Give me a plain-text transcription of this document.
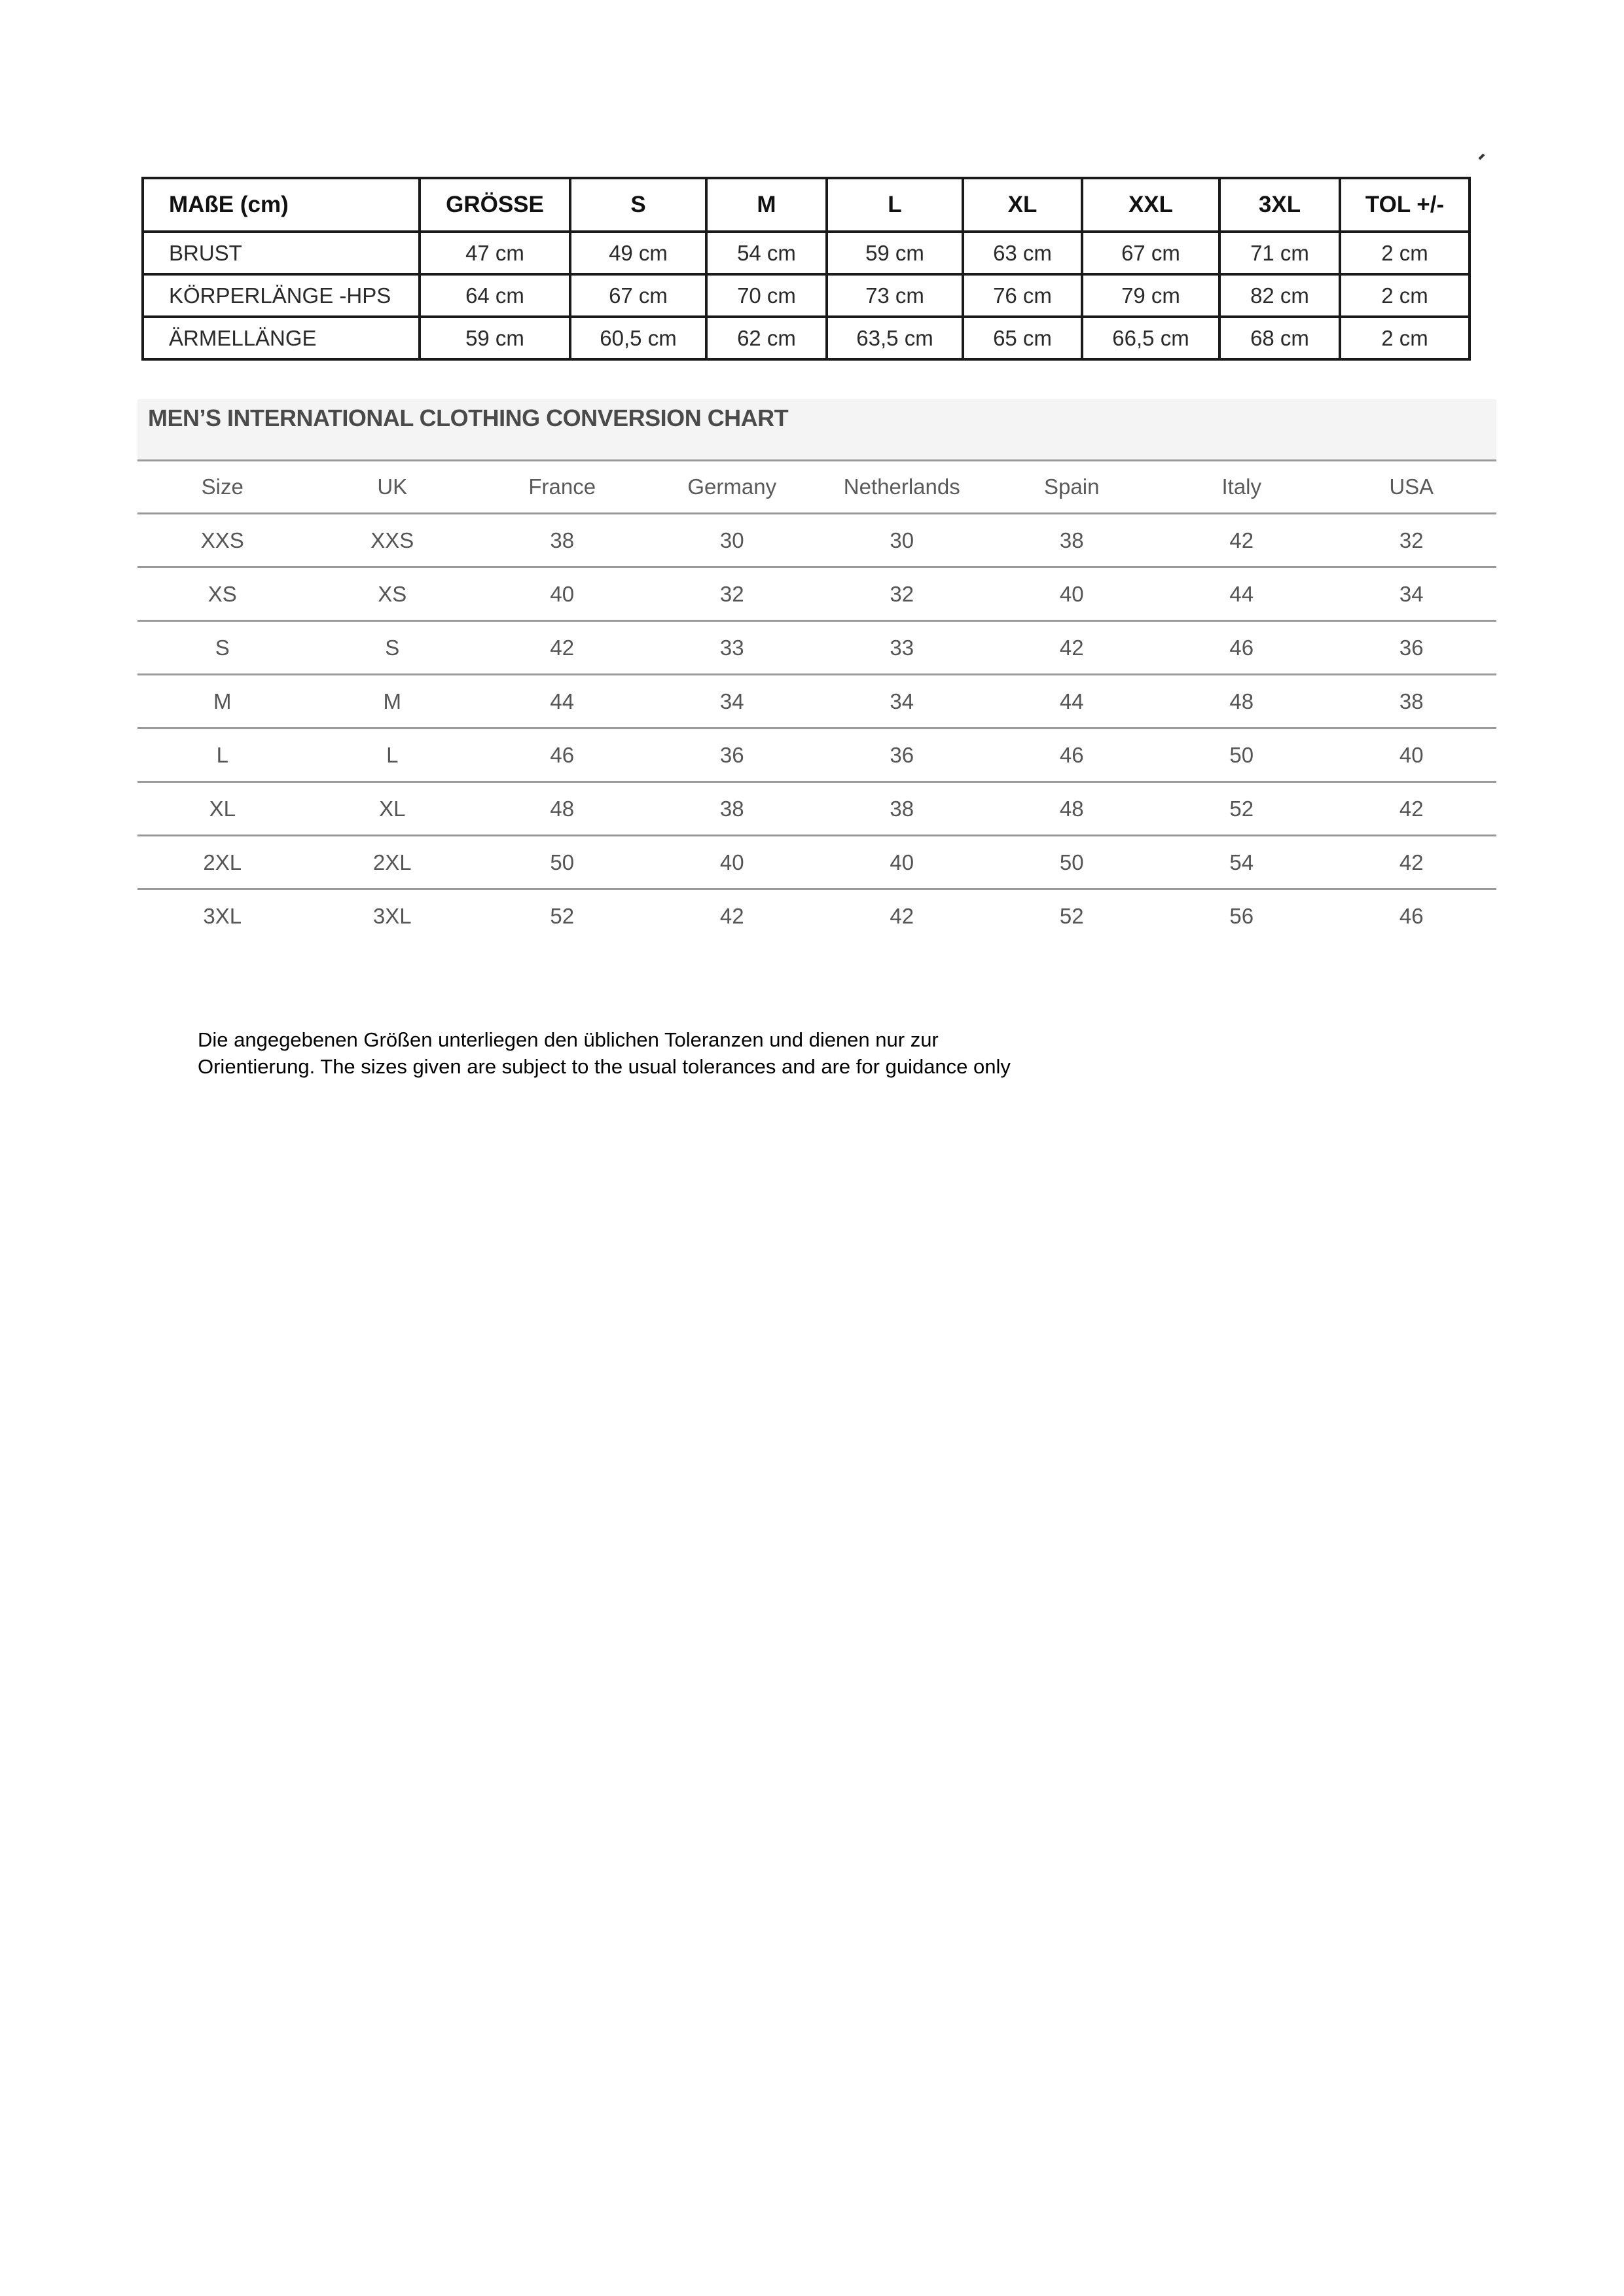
MAßE (cm)	GRÖSSE	S	M	L	XL	XXL	3XL	TOL +/-
BRUST	47 cm	49 cm	54 cm	59 cm	63 cm	67 cm	71 cm	2 cm
KÖRPERLÄNGE -HPS	64 cm	67 cm	70 cm	73 cm	76 cm	79 cm	82 cm	2 cm
ÄRMELLÄNGE	59 cm	60,5 cm	62 cm	63,5 cm	65 cm	66,5 cm	68 cm	2 cm
MEN’S INTERNATIONAL CLOTHING CONVERSION CHART
Size	UK	France	Germany	Netherlands	Spain	Italy	USA
XXS	XXS	38	30	30	38	42	32
XS	XS	40	32	32	40	44	34
S	S	42	33	33	42	46	36
M	M	44	34	34	44	48	38
L	L	46	36	36	46	50	40
XL	XL	48	38	38	48	52	42
2XL	2XL	50	40	40	50	54	42
3XL	3XL	52	42	42	52	56	46
Die angegebenen Größen unterliegen den üblichen Toleranzen und dienen nur zur
Orientierung. The sizes given are subject to the usual tolerances and are for guidance only
